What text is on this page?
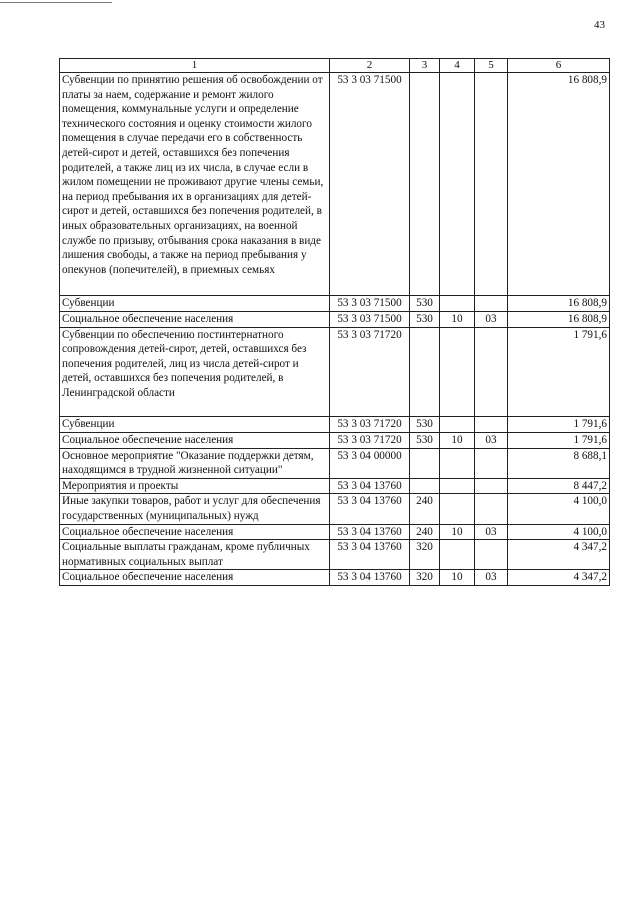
43
1	2	3	4	5	6
Субвенции по принятию решения об освобождении от платы за наем, содержание и ремонт жилого помещения, коммунальные услуги и определение технического состояния и оценку стоимости жилого помещения в случае передачи его в собственность детей-сирот и детей, оставшихся без попечения родителей, а также лиц из их числа, в случае если в жилом помещении не проживают другие члены семьи, на период пребывания их в организациях для детей-сирот и детей, оставшихся без попечения родителей, в иных образовательных организациях, на военной службе по призыву, отбывания срока наказания в виде лишения свободы, а также на период пребывания у опекунов (попечителей), в приемных семьях	53 3 03 71500				16 808,9
Субвенции	53 3 03 71500	530			16 808,9
Социальное обеспечение населения	53 3 03 71500	530	10	03	16 808,9
Субвенции по обеспечению постинтернатного сопровождения детей-сирот, детей, оставшихся без попечения родителей, лиц из числа детей-сирот и детей, оставшихся без попечения родителей, в Ленинградской области	53 3 03 71720				1 791,6
Субвенции	53 3 03 71720	530			1 791,6
Социальное обеспечение населения	53 3 03 71720	530	10	03	1 791,6
Основное мероприятие "Оказание поддержки детям, находящимся в трудной жизненной ситуации"	53 3 04 00000				8 688,1
Мероприятия и проекты	53 3 04 13760				8 447,2
Иные закупки товаров, работ и услуг для обеспечения государственных (муниципальных) нужд	53 3 04 13760	240			4 100,0
Социальное обеспечение населения	53 3 04 13760	240	10	03	4 100,0
Социальные выплаты гражданам, кроме публичных нормативных социальных выплат	53 3 04 13760	320			4 347,2
Социальное обеспечение населения	53 3 04 13760	320	10	03	4 347,2
